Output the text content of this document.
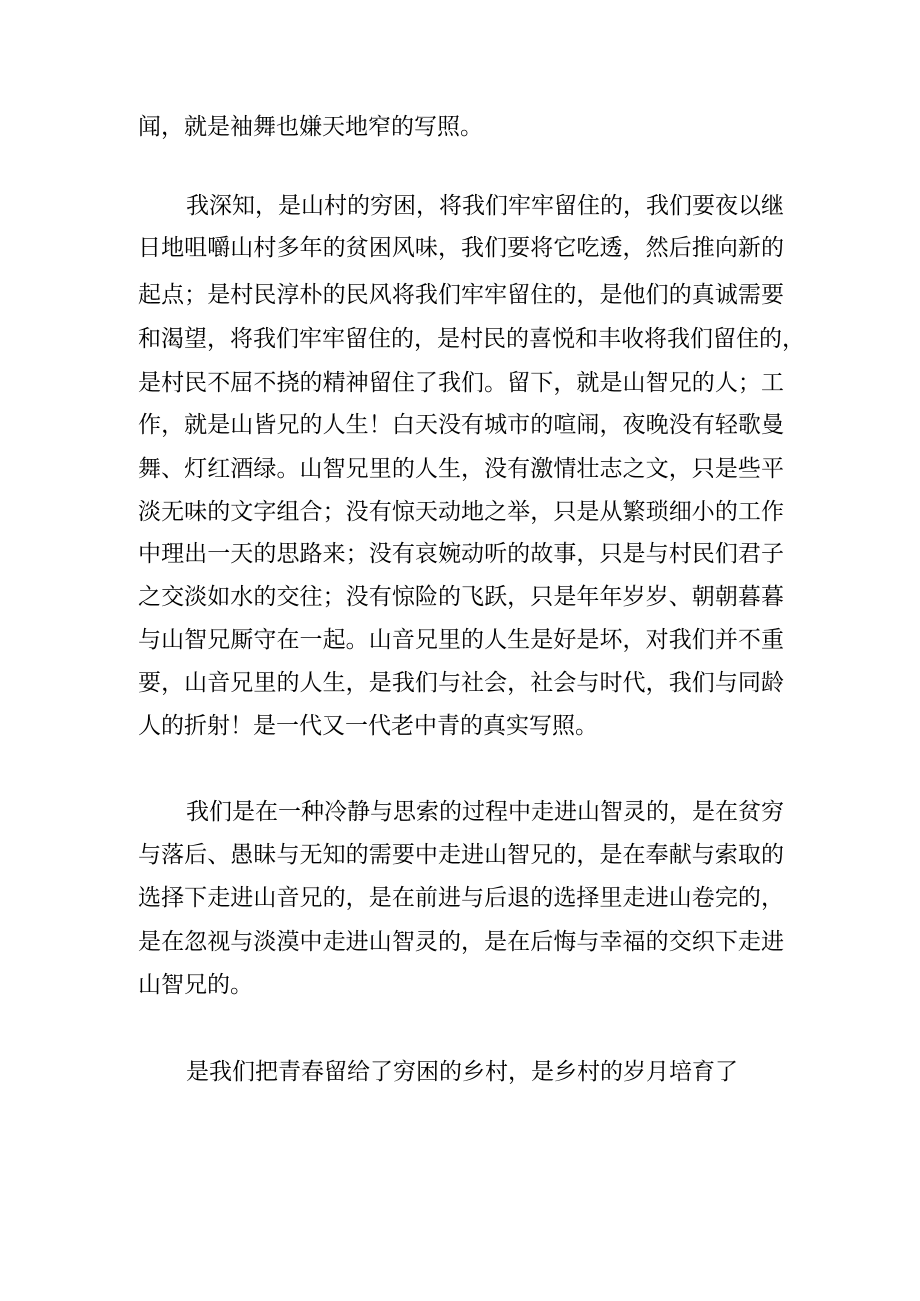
闻，就是袖舞也嫌天地窄的写照。
我深知，是山村的穷困，将我们牢牢留住的，我们要夜以继
日地咀嚼山村多年的贫困风味，我们要将它吃透，然后推向新的
起点；是村民淳朴的民风将我们牢牢留住的，是他们的真诚需要
和渴望，将我们牢牢留住的，是村民的喜悦和丰收将我们留住的，
是村民不屈不挠的精神留住了我们。留下，就是山智兄的人；工
作，就是山皆兄的人生！白天没有城市的喧闹，夜晚没有轻歌曼
舞、灯红酒绿。山智兄里的人生，没有激情壮志之文，只是些平
淡无味的文字组合；没有惊天动地之举，只是从繁琐细小的工作
中理出一天的思路来；没有哀婉动听的故事，只是与村民们君子
之交淡如水的交往；没有惊险的飞跃，只是年年岁岁、朝朝暮暮
与山智兄厮守在一起。山音兄里的人生是好是坏，对我们并不重
要，山音兄里的人生，是我们与社会，社会与时代，我们与同龄
人的折射！是一代又一代老中青的真实写照。
我们是在一种冷静与思索的过程中走进山智灵的，是在贫穷
与落后、愚昧与无知的需要中走进山智兄的，是在奉献与索取的
选择下走进山音兄的，是在前进与后退的选择里走进山卷完的，
是在忽视与淡漠中走进山智灵的，是在后悔与幸福的交织下走进
山智兄的。
是我们把青春留给了穷困的乡村，是乡村的岁月培育了
